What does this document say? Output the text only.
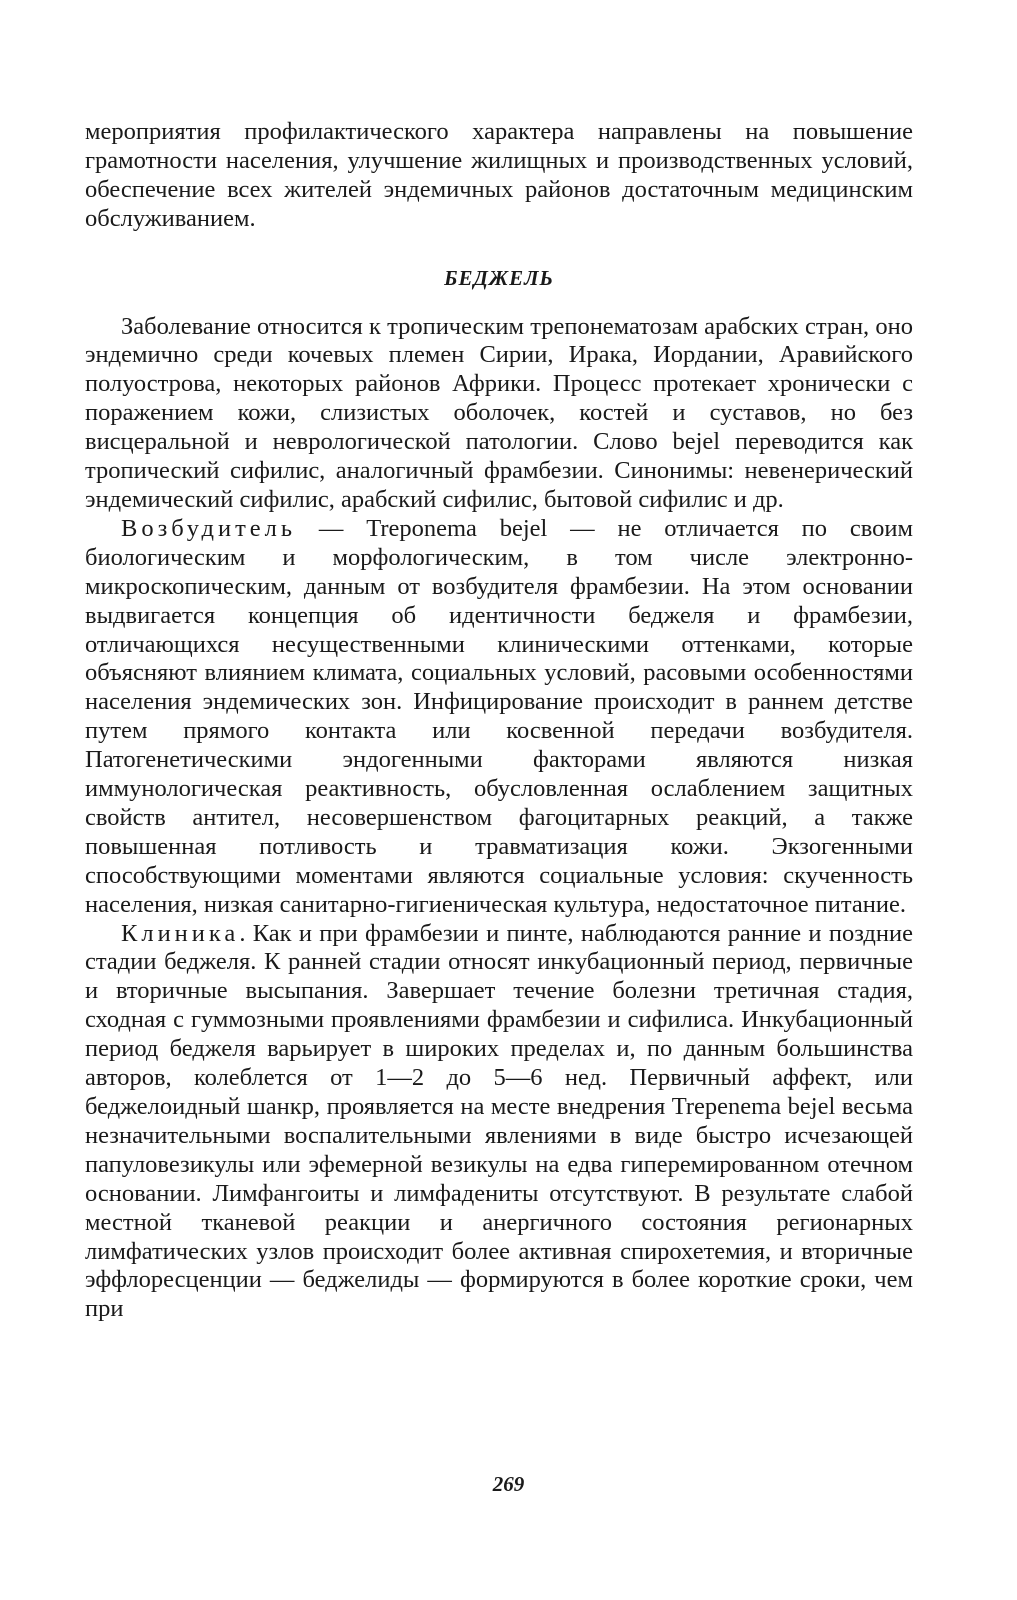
мероприятия профилактического характера направлены на повышение грамотности населения, улучшение жилищных и производственных условий, обеспечение всех жителей эндемичных районов достаточным медицинским обслуживанием.

БЕДЖЕЛЬ

Заболевание относится к тропическим трепонематозам арабских стран, оно эндемично среди кочевых племен Сирии, Ирака, Иордании, Аравийского полуострова, некоторых районов Африки. Процесс протекает хронически с поражением кожи, слизистых оболочек, костей и суставов, но без висцеральной и неврологической патологии. Слово bejel переводится как тропический сифилис, аналогичный фрамбезии. Синонимы: невенерический эндемический сифилис, арабский сифилис, бытовой сифилис и др.

Возбудитель — Treponema bejel — не отличается по своим биологическим и морфологическим, в том числе электронно-микроскопическим, данным от возбудителя фрамбезии. На этом основании выдвигается концепция об идентичности беджеля и фрамбезии, отличающихся несущественными клиническими оттенками, которые объясняют влиянием климата, социальных условий, расовыми особенностями населения эндемических зон. Инфицирование происходит в раннем детстве путем прямого контакта или косвенной передачи возбудителя. Патогенетическими эндогенными факторами являются низкая иммунологическая реактивность, обусловленная ослаблением защитных свойств антител, несовершенством фагоцитарных реакций, а также повышенная потливость и травматизация кожи. Экзогенными способствующими моментами являются социальные условия: скученность населения, низкая санитарно-гигиеническая культура, недостаточное питание.

Клиника. Как и при фрамбезии и пинте, наблюдаются ранние и поздние стадии беджеля. К ранней стадии относят инкубационный период, первичные и вторичные высыпания. Завершает течение болезни третичная стадия, сходная с гуммозными проявлениями фрамбезии и сифилиса. Инкубационный период беджеля варьирует в широких пределах и, по данным большинства авторов, колеблется от 1—2 до 5—6 нед. Первичный аффект, или беджелоидный шанкр, проявляется на месте внедрения Trepenema bejel весьма незначительными воспалительными явлениями в виде быстро исчезающей папуловезикулы или эфемерной везикулы на едва гиперемированном отечном основании. Лимфангоиты и лимфадениты отсутствуют. В результате слабой местной тканевой реакции и анергичного состояния регионарных лимфатических узлов происходит более активная спирохетемия, и вторичные эффлоресценции — беджелиды — формируются в более короткие сроки, чем при

269
